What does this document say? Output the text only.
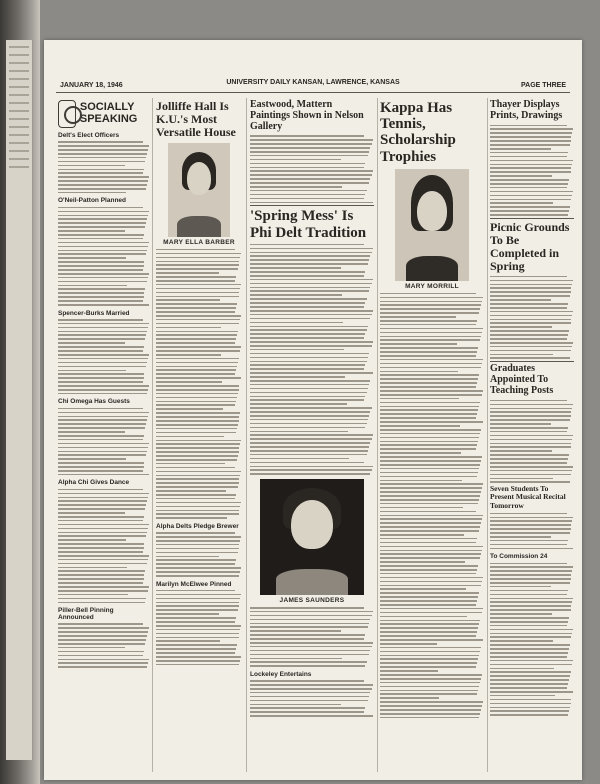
JANUARY 18, 1946	UNIVERSITY DAILY KANSAN, LAWRENCE, KANSAS	PAGE THREE
SOCIALLY SPEAKING
Delt's Elect Officers
O'Neil-Patton Planned
Spencer-Burks Married
Chi Omega Has Guests
Alpha Chi Gives Dance
Piller-Bell Pinning Announced
Jolliffe Hall Is K.U.'s Most Versatile House
MARY ELLA BARBER
Alpha Delts Pledge Brewer
Marilyn McElwee Pinned
Eastwood, Mattern Paintings Shown in Nelson Gallery
'Spring Mess' Is Phi Delt Tradition
JAMES SAUNDERS
Lockeley Entertains
Kappa Has Tennis, Scholarship Trophies
MARY MORRILL
Thayer Displays Prints, Drawings
Picnic Grounds To Be Completed in Spring
Graduates Appointed To Teaching Posts
Seven Students To Present Musical Recital Tomorrow
To Commission 24
